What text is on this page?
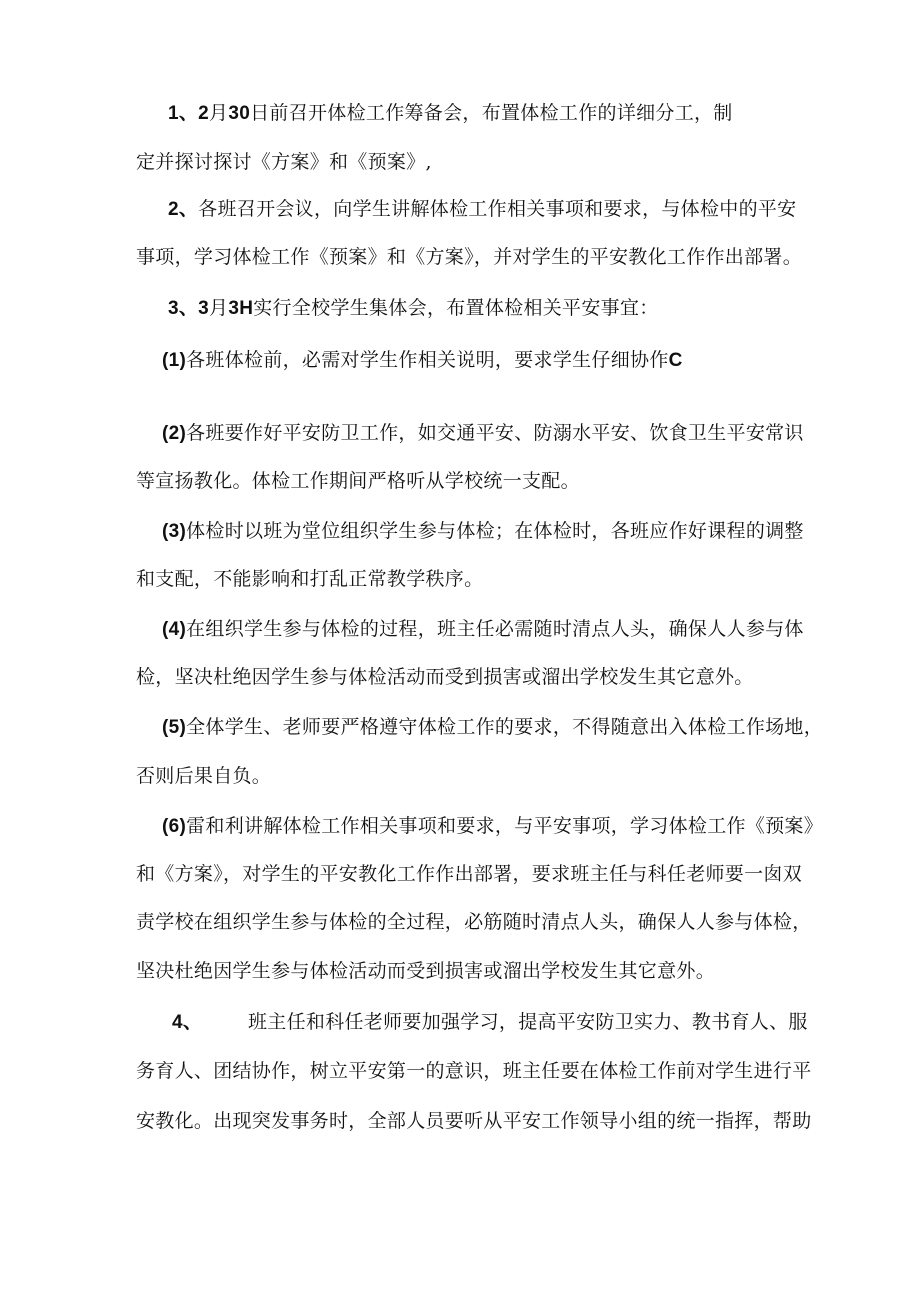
1、2月30日前召开体检工作筹备会，布置体检工作的详细分工，制
定并探讨探讨《方案》和《预案》,
2、各班召开会议，向学生讲解体检工作相关事项和要求，与体检中的平安
事项，学习体检工作《预案》和《方案》，并对学生的平安教化工作作出部署。
3、3月3H实行全校学生集体会，布置体检相关平安事宜：
(1)各班体检前，必需对学生作相关说明，要求学生仔细协作C
(2)各班要作好平安防卫工作，如交通平安、防溺水平安、饮食卫生平安常识
等宣扬教化。体检工作期间严格听从学校统一支配。
(3)体检时以班为堂位组织学生参与体检；在体检时，各班应作好课程的调整
和支配，不能影响和打乱正常教学秩序。
(4)在组织学生参与体检的过程，班主任必需随时清点人头，确保人人参与体
检，坚决杜绝因学生参与体检活动而受到损害或溜出学校发生其它意外。
(5)全体学生、老师要严格遵守体检工作的要求，不得随意出入体检工作场地，
否则后果自负。
(6)雷和利讲解体检工作相关事项和要求，与平安事项，学习体检工作《预案》
和《方案》，对学生的平安教化工作作出部署，要求班主任与科任老师要一囱双
责学校在组织学生参与体检的全过程，必筋随时清点人头，确保人人参与体检，
坚决杜绝因学生参与体检活动而受到损害或溜出学校发生其它意外。
4、 班主任和科任老师要加强学习，提高平安防卫实力、教书育人、服
务育人、团结协作，树立平安第一的意识，班主任要在体检工作前对学生进行平
安教化。出现突发事务时，全部人员要听从平安工作领导小组的统一指挥，帮助
